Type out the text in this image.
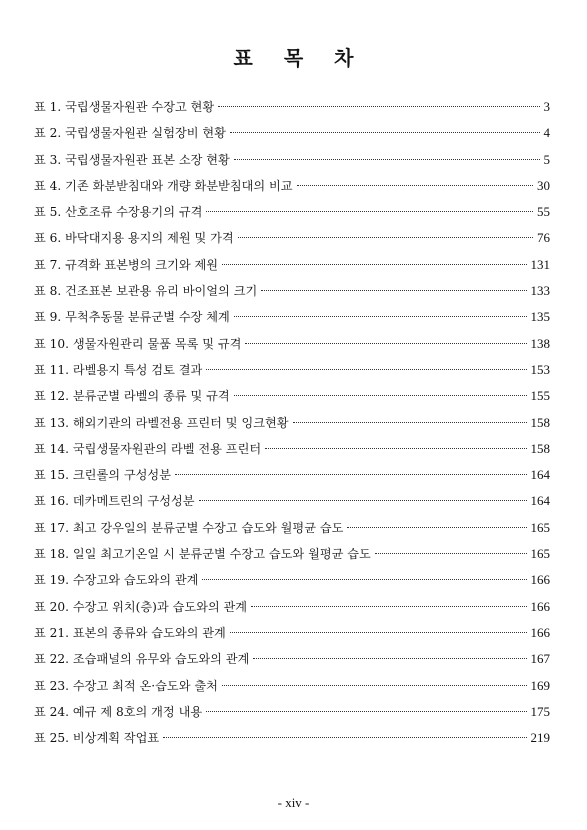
표 목 차
표 1. 국립생물자원관 수장고 현황	3
표 2. 국립생물자원관 실험장비 현황	4
표 3. 국립생물자원관 표본 소장 현황	5
표 4. 기존 화분받침대와 개량 화분받침대의 비교	30
표 5. 산호조류 수장용기의 규격	55
표 6. 바닥대지용 용지의 제원 및 가격	76
표 7. 규격화 표본병의 크기와 제원	131
표 8. 건조표본 보관용 유리 바이얼의 크기	133
표 9. 무척추동물 분류군별 수장 체계	135
표 10. 생물자원관리 물품 목록 및 규격	138
표 11. 라벨용지 특성 검토 결과	153
표 12. 분류군별 라벨의 종류 및 규격	155
표 13. 해외기관의 라벨전용 프린터 및 잉크현황	158
표 14. 국립생물자원관의 라벨 전용 프린터	158
표 15. 크린롤의 구성성분	164
표 16. 데카메트린의 구성성분	164
표 17. 최고 강우일의 분류군별 수장고 습도와 월평균 습도	165
표 18. 일일 최고기온일 시 분류군별 수장고 습도와 월평균 습도	165
표 19. 수장고와 습도와의 관계	166
표 20. 수장고 위치(층)과 습도와의 관계	166
표 21. 표본의 종류와 습도와의 관계	166
표 22. 조습패널의 유무와 습도와의 관계	167
표 23. 수장고 최적 온·습도와 출처	169
표 24. 예규 제 8호의 개정 내용	175
표 25. 비상계획 작업표	219
- xiv -
